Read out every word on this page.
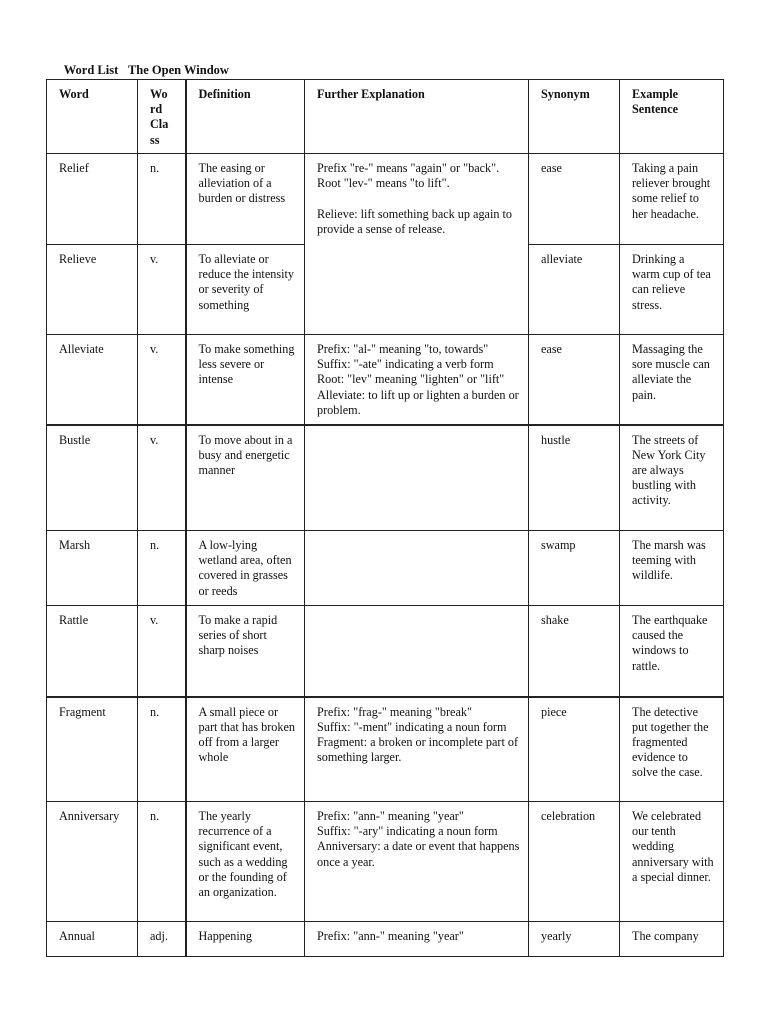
 Word List The Open Window
Word	Wo
rd
Cla
ss	Definition	Further Explanation	Synonym	Example
Sentence
Relief	n.	The easing or alleviation of a burden or distress	Prefix "re-" means "again" or "back". Root "lev-" means "to lift".

Relieve: lift something back up again to provide a sense of release.	ease	Taking a pain reliever brought some relief to her headache.
Relieve	v.	To alleviate or reduce the intensity or severity of something		alleviate	Drinking a warm cup of tea can relieve stress.
Alleviate	v.	To make something less severe or intense	Prefix: "al-" meaning "to, towards"
Suffix: "-ate" indicating a verb form
Root: "lev" meaning "lighten" or "lift" Alleviate: to lift up or lighten a burden or problem.	ease	Massaging the sore muscle can alleviate the pain.
Bustle	v.	To move about in a busy and energetic manner		hustle	The streets of New York City are always bustling with activity.
Marsh	n.	A low-lying wetland area, often covered in grasses or reeds		swamp	The marsh was teeming with wildlife.
Rattle	v.	To make a rapid series of short sharp noises		shake	The earthquake caused the windows to rattle.
Fragment	n.	A small piece or part that has broken off from a larger whole	Prefix: "frag-" meaning "break"
Suffix: "-ment" indicating a noun form Fragment: a broken or incomplete part of something larger.	piece	The detective put together the fragmented evidence to solve the case.
Anniversary	n.	The yearly recurrence of a significant event, such as a wedding or the founding of an organization.	Prefix: "ann-" meaning "year"
Suffix: "-ary" indicating a noun form Anniversary: a date or event that happens once a year.	celebration	We celebrated our tenth wedding anniversary with a special dinner.
Annual	adj.	Happening	Prefix: "ann-" meaning "year"	yearly	The company
